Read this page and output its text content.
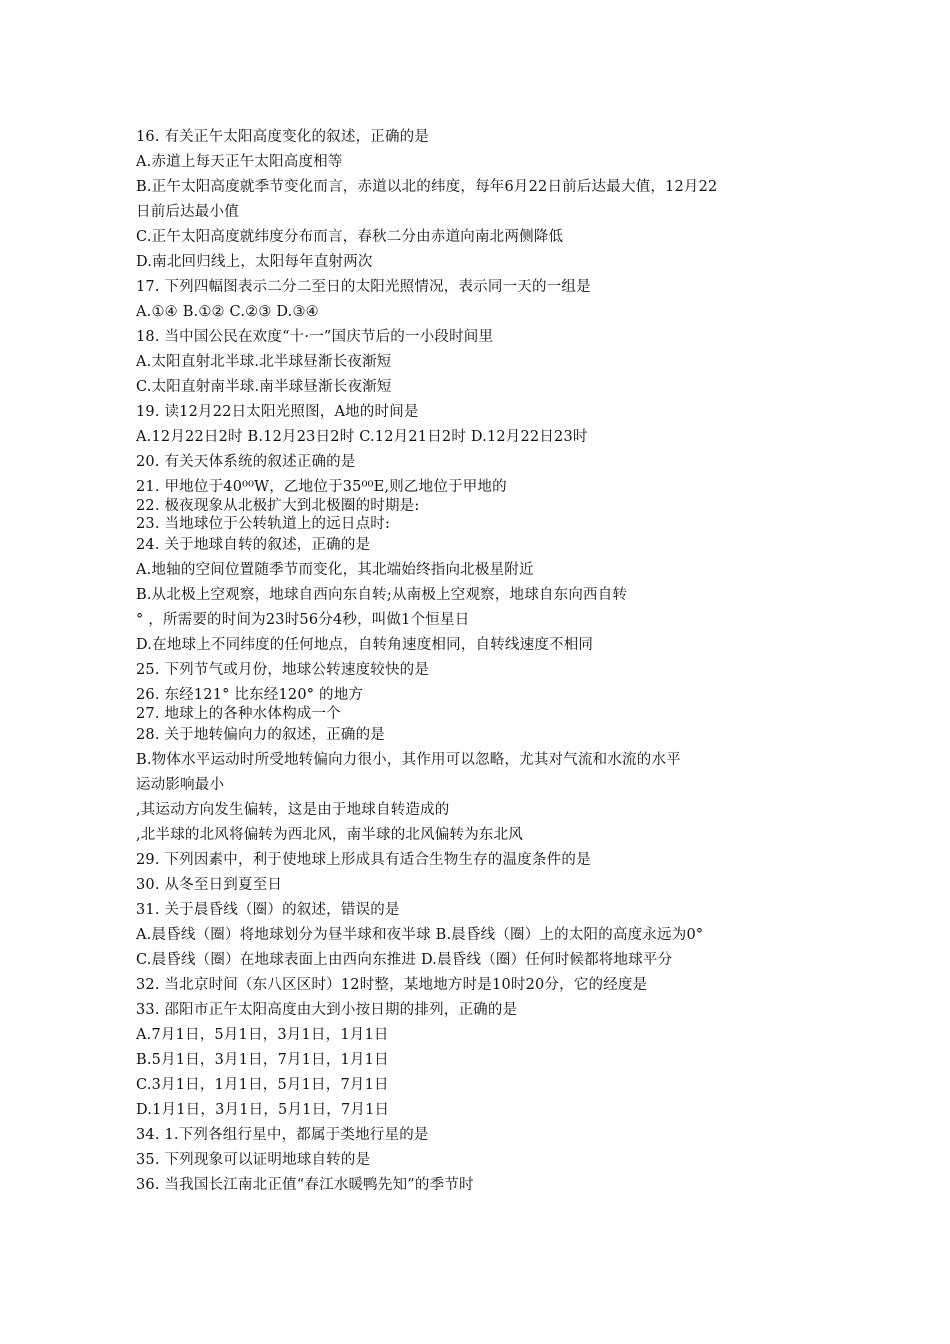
16. 有关正午太阳高度变化的叙述，正确的是
A.赤道上每天正午太阳高度相等
B.正午太阳高度就季节变化而言，赤道以北的纬度，每年6月22日前后达最大值，12月22
日前后达最小值
C.正午太阳高度就纬度分布而言，春秋二分由赤道向南北两侧降低
D.南北回归线上，太阳每年直射两次
17. 下列四幅图表示二分二至日的太阳光照情况，表示同一天的一组是
A.①④ B.①② C.②③ D.③④
18. 当中国公民在欢度“十·一”国庆节后的一小段时间里
A.太阳直射北半球.北半球昼渐长夜渐短
C.太阳直射南半球.南半球昼渐长夜渐短
19. 读12月22日太阳光照图，A地的时间是
A.12月22日2时 B.12月23日2时 C.12月21日2时 D.12月22日23时
20. 有关天体系统的叙述正确的是
21. 甲地位于40⁰⁰W，乙地位于35⁰⁰E,则乙地位于甲地的
22. 极夜现象从北极扩大到北极圈的时期是:
23. 当地球位于公转轨道上的远日点时:
24. 关于地球自转的叙述，正确的是
A.地轴的空间位置随季节而变化，其北端始终指向北极星附近
B.从北极上空观察，地球自西向东自转;从南极上空观察，地球自东向西自转
° ，所需要的时间为23时56分4秒，叫做1个恒星日
D.在地球上不同纬度的任何地点，自转角速度相同，自转线速度不相同
25. 下列节气或月份，地球公转速度较快的是
26. 东经121° 比东经120° 的地方
27. 地球上的各种水体构成一个
28. 关于地转偏向力的叙述，正确的是
B.物体水平运动时所受地转偏向力很小，其作用可以忽略，尤其对气流和水流的水平
运动影响最小
,其运动方向发生偏转，这是由于地球自转造成的
,北半球的北风将偏转为西北风，南半球的北风偏转为东北风
29. 下列因素中，利于使地球上形成具有适合生物生存的温度条件的是
30. 从冬至日到夏至日
31. 关于晨昏线（圈）的叙述，错误的是
A.晨昏线（圈）将地球划分为昼半球和夜半球 B.晨昏线（圈）上的太阳的高度永远为0°
C.晨昏线（圈）在地球表面上由西向东推进 D.晨昏线（圈）任何时候都将地球平分
32. 当北京时间（东八区区时）12时整，某地地方时是10时20分，它的经度是
33. 邵阳市正午太阳高度由大到小按日期的排列，正确的是
A.7月1日，5月1日，3月1日，1月1日
B.5月1日，3月1日，7月1日，1月1日
C.3月1日，1月1日，5月1日，7月1日
D.1月1日，3月1日，5月1日，7月1日
34. 1.下列各组行星中，都属于类地行星的是
35. 下列现象可以证明地球自转的是
36. 当我国长江南北正值“春江水暖鸭先知”的季节时
